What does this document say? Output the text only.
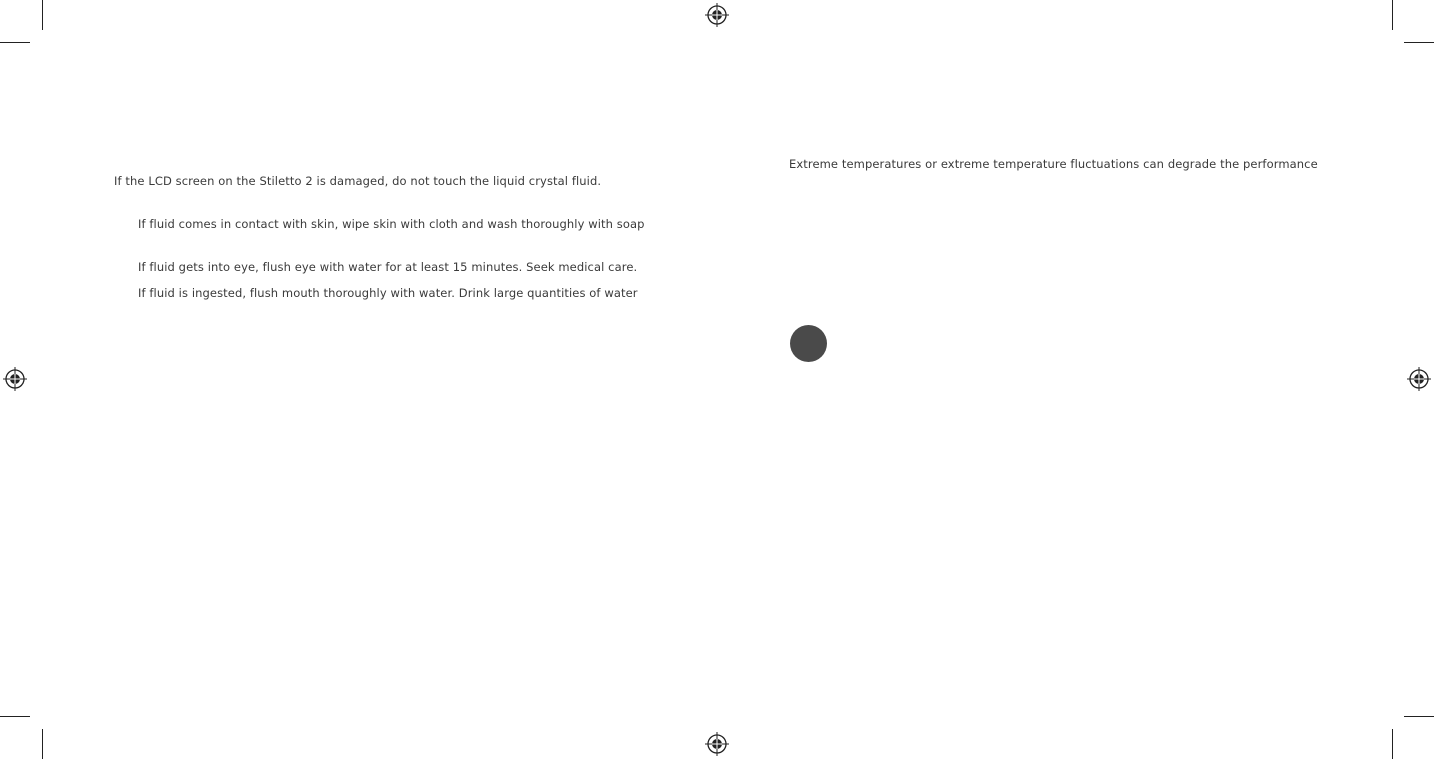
If the LCD screen on the Stiletto 2 is damaged, do not touch the liquid crystal fluid.
If fluid comes in contact with skin, wipe skin with cloth and wash thoroughly with soap
If fluid gets into eye, flush eye with water for at least 15 minutes. Seek medical care.
If fluid is ingested, flush mouth thoroughly with water. Drink large quantities of water
Extreme temperatures or extreme temperature fluctuations can degrade the performance
